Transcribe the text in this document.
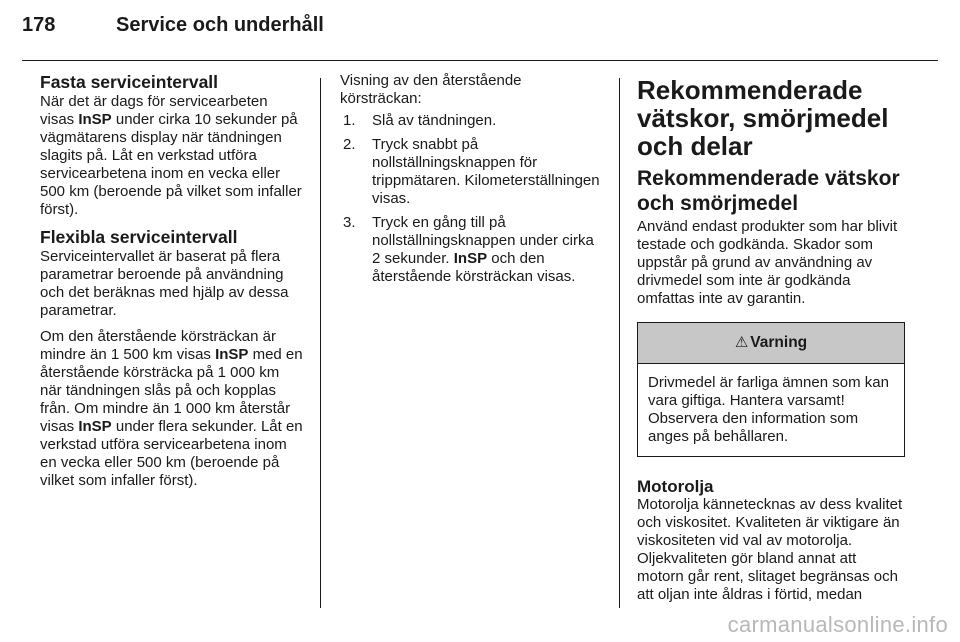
178	Service och underhåll
Fasta serviceintervall

När det är dags för servicearbeten visas InSP under cirka 10 sekunder på vägmätarens display när tändningen slagits på. Låt en verkstad utföra servicearbetena inom en vecka eller 500 km (beroende på vilket som infaller först).

Flexibla serviceintervall

Serviceintervallet är baserat på flera parametrar beroende på användning och det beräknas med hjälp av dessa parametrar.

Om den återstående körsträckan är mindre än 1 500 km visas InSP med en återstående körsträcka på 1 000 km när tändningen slås på och kopplas från. Om mindre än 1 000 km återstår visas InSP under flera sekunder. Låt en verkstad utföra servicearbetena inom en vecka eller 500 km (beroende på vilket som infaller först).

Visning av den återstående körsträckan:

1. Slå av tändningen.
2. Tryck snabbt på nollställningsknappen för trippmätaren. Kilometerställningen visas.
3. Tryck en gång till på nollställningsknappen under cirka 2 sekunder. InSP och den återstående körsträckan visas.
Rekommenderade vätskor, smörjmedel och delar
Rekommenderade vätskor och smörjmedel

Använd endast produkter som har blivit testade och godkända. Skador som uppstår på grund av användning av drivmedel som inte är godkända omfattas inte av garantin.

⚠ Varning
Drivmedel är farliga ämnen som kan vara giftiga. Hantera varsamt! Observera den information som anges på behållaren.
Motorolja

Motorolja kännetecknas av dess kvalitet och viskositet. Kvaliteten är viktigare än viskositeten vid val av motorolja. Oljekvaliteten gör bland annat att motorn går rent, slitaget begränsas och att oljan inte åldras i förtid, medan

carmanualsonline.info
